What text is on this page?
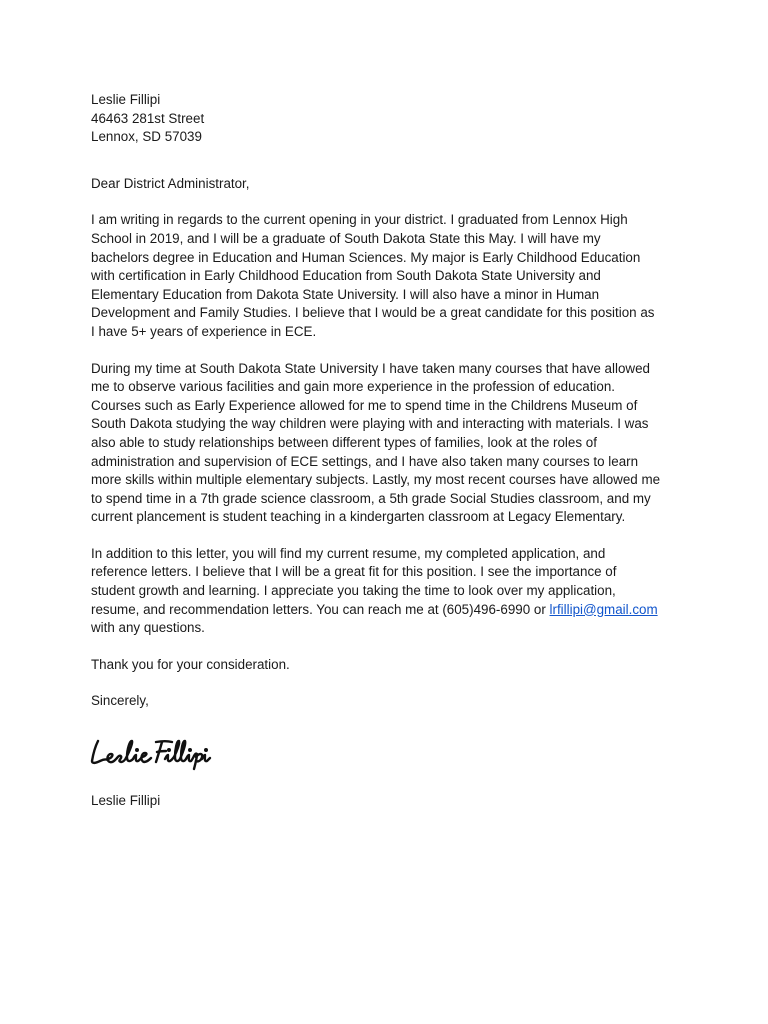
Leslie Fillipi
46463 281st Street
Lennox, SD 57039
Dear District Administrator,
I am writing in regards to the current opening in your district. I graduated from Lennox High
School in 2019, and I will be a graduate of South Dakota State this May. I will have my
bachelors degree in Education and Human Sciences. My major is Early Childhood Education
with certification in Early Childhood Education from South Dakota State University and
Elementary Education from Dakota State University. I will also have a minor in Human
Development and Family Studies. I believe that I would be a great candidate for this position as
I have 5+ years of experience in ECE.
During my time at South Dakota State University I have taken many courses that have allowed
me to observe various facilities and gain more experience in the profession of education.
Courses such as Early Experience allowed for me to spend time in the Childrens Museum of
South Dakota studying the way children were playing with and interacting with materials. I was
also able to study relationships between different types of families, look at the roles of
administration and supervision of ECE settings, and I have also taken many courses to learn
more skills within multiple elementary subjects. Lastly, my most recent courses have allowed me
to spend time in a 7th grade science classroom, a 5th grade Social Studies classroom, and my
current plancement is student teaching in a kindergarten classroom at Legacy Elementary.
In addition to this letter, you will find my current resume, my completed application, and
reference letters. I believe that I will be a great fit for this position. I see the importance of
student growth and learning. I appreciate you taking the time to look over my application,
resume, and recommendation letters. You can reach me at (605)496-6990 or lrfillipi@gmail.com
with any questions.
Thank you for your consideration.
Sincerely,
Leslie Fillipi
